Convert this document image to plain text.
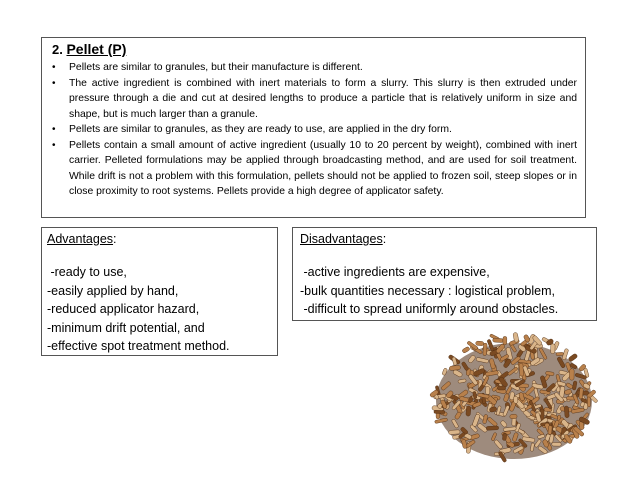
2. Pellet (P)
• Pellets are similar to granules, but their manufacture is different.
• The active ingredient is combined with inert materials to form a slurry. This slurry is then extruded under pressure through a die and cut at desired lengths to produce a particle that is relatively uniform in size and shape, but is much larger than a granule.
• Pellets are similar to granules, as they are ready to use, are applied in the dry form.
• Pellets contain a small amount of active ingredient (usually 10 to 20 percent by weight), combined with inert carrier. Pelleted formulations may be applied through broadcasting method, and are used for soil treatment. While drift is not a problem with this formulation, pellets should not be applied to frozen soil, steep slopes or in close proximity to root systems. Pellets provide a high degree of applicator safety.
Advantages:
-ready to use,
-easily applied by hand,
-reduced applicator hazard,
-minimum drift potential, and
-effective spot treatment method.
Disadvantages:
-active ingredients are expensive,
-bulk quantities necessary : logistical problem,
-difficult to spread uniformly around obstacles.
